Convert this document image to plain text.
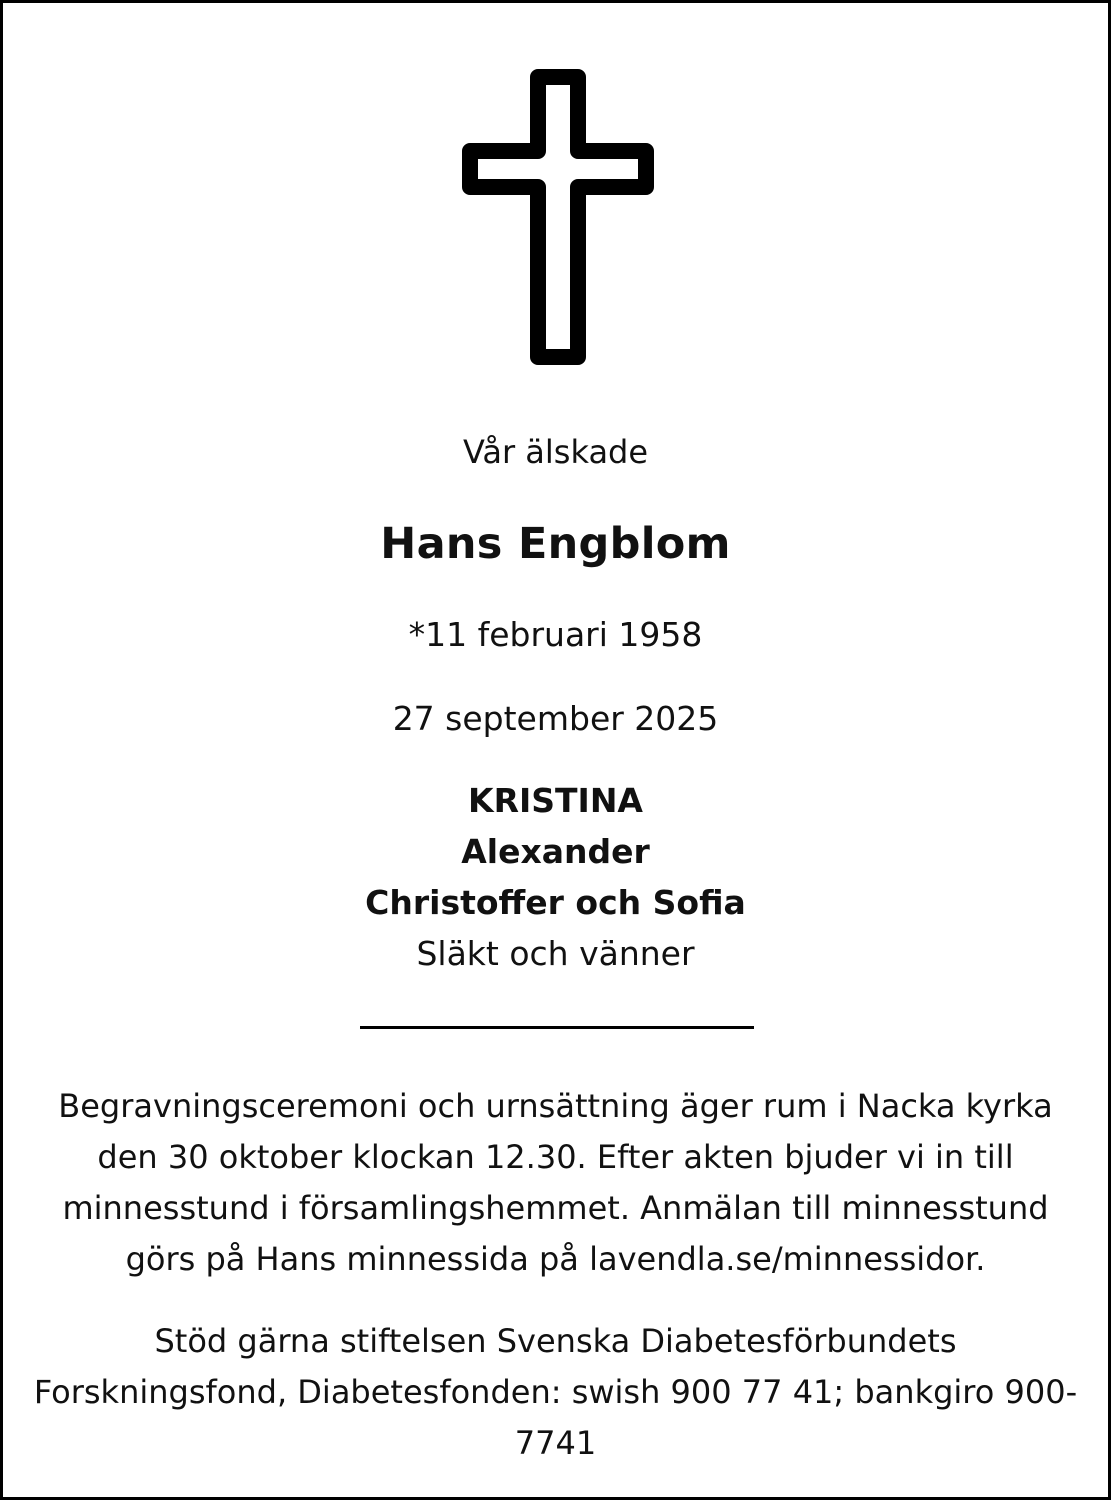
Vår älskade
Hans Engblom
*11 februari 1958
27 september 2025
KRISTINA
Alexander
Christoffer och Sofia
Släkt och vänner
Begravningsceremoni och urnsättning äger rum i Nacka kyrka
den 30 oktober klockan 12.30. Efter akten bjuder vi in till
minnesstund i församlingshemmet. Anmälan till minnesstund
görs på Hans minnessida på lavendla.se/minnessidor.
Stöd gärna stiftelsen Svenska Diabetesförbundets
Forskningsfond, Diabetesfonden: swish 900 77 41; bankgiro 900-
7741
